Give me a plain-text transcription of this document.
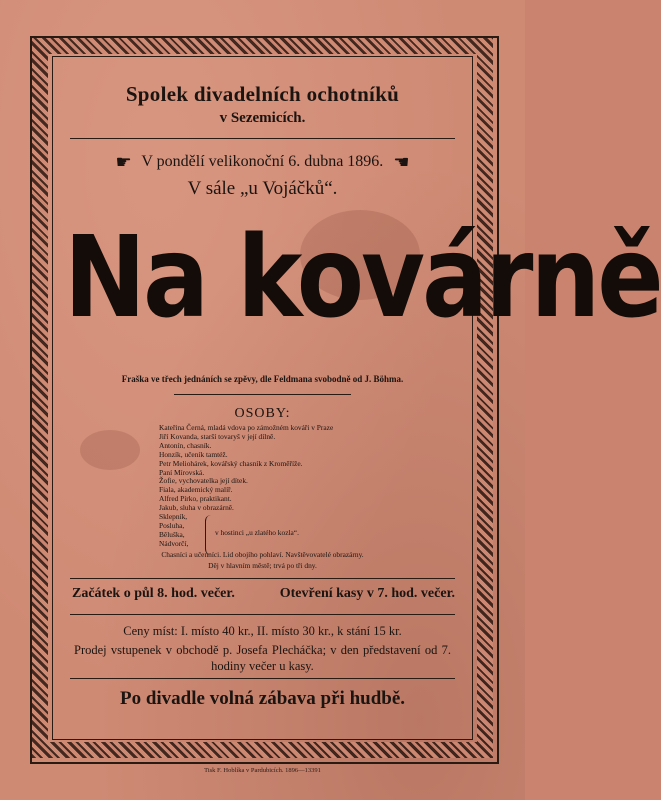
Spolek divadelních ochotníků
v Sezemicích.
☛ V pondělí velikonoční 6. dubna 1896. ☚
V sále „u Vojáčků“.
Na kovárně
Fraška ve třech jednáních se zpěvy, dle Feldmana svobodně od J. Böhma.
OSOBY:
Kateřina Černá, mladá vdova po zámožném kováři v Praze
Jiří Kovanda, starší tovaryš v její dílně.
Antonín, chasník.
Honzík, učeník tamtéž.
Petr Meliohárek, kovářský chasník z Kroměříže.
Paní Mírovská.
Žofie, vychovatelka její dítek.
Fiala, akademický malíř.
Alfred Pírko, praktikant.
Jakub, sluha v obrazárně.
Sklepník,
Posluha,
Běluška,
Nádvorčí,
v hostinci „u zlatého kozla“.
Chasníci a učenníci. Lid obojího pohlaví. Navštěvovatelé obrazárny.
Děj v hlavním městě; trvá po tři dny.
Začátek o půl 8. hod. večer.	Otevření kasy v 7. hod. večer.
Ceny míst: I. místo 40 kr., II. místo 30 kr., k stání 15 kr.
Prodej vstupenek v obchodě p. Josefa Plecháčka; v den představení od 7. hodiny večer u kasy.
Po divadle volná zábava při hudbě.
Tisk F. Hoblíka v Pardubicích. 1896—13391
